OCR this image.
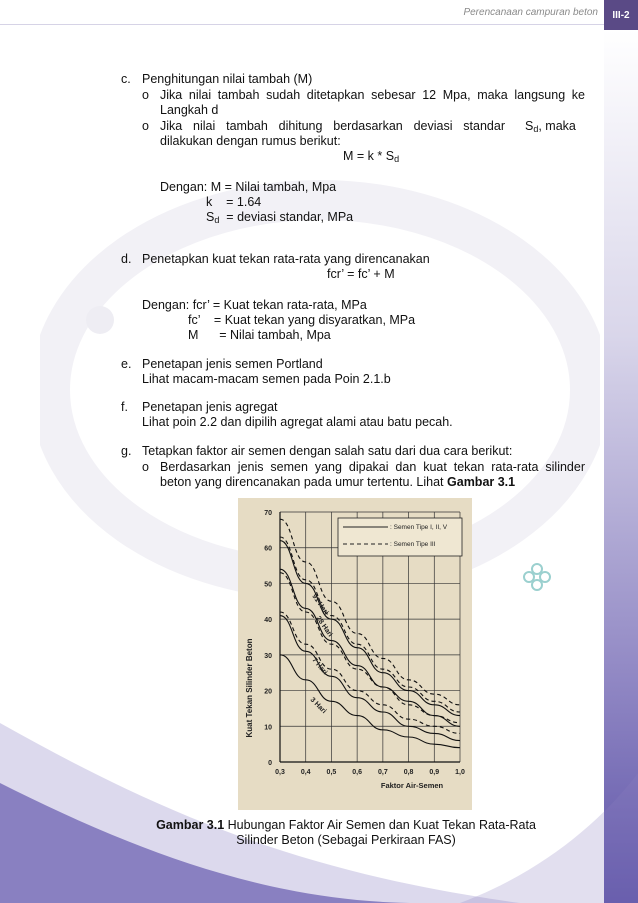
Perencanaan campuran beton III-2
c. Penghitungan nilai tambah (M)
o Jika nilai tambah sudah ditetapkan sebesar 12 Mpa, maka langsung ke
Langkah d
o Jika nilai tambah dihitung berdasarkan deviasi standar $S_d$, maka
dilakukan dengan rumus berikut:
$M = k * S_d$
Dengan: M = Nilai tambah, Mpa
k    = 1.64
$S_d$  = deviasi standar, MPa
d. Penetapkan kuat tekan rata-rata yang direncanakan
fcr’ = fc’ + M
Dengan: fcr’ = Kuat tekan rata-rata, MPa
fc’    = Kuat tekan yang disyaratkan, MPa
M      = Nilai tambah, Mpa
e. Penetapan jenis semen Portland
Lihat macam-macam semen pada Poin 2.1.b
f. Penetapan jenis agregat
Lihat poin 2.2 dan dipilih agregat alami atau batu pecah.
g. Tetapkan faktor air semen dengan salah satu dari dua cara berikut:
o Berdasarkan jenis semen yang dipakai dan kuat tekan rata-rata silinder
beton yang direncanakan pada umur tertentu. Lihat Gambar 3.1
0,3 0,4 0,5 0,6 0,7 0,8 0,9 1,0
0
10
20
30
40
50
60
70
: Semen Tipe I, II, V
: Semen Tipe III
Kuat Tekan Silinder Beton
Faktor Air-Semen
91 Hari
28 Hari
7 Hari
3 Hari
Gambar 3.1 Hubungan Faktor Air Semen dan Kuat Tekan Rata-Rata
Silinder Beton (Sebagai Perkiraan FAS)
